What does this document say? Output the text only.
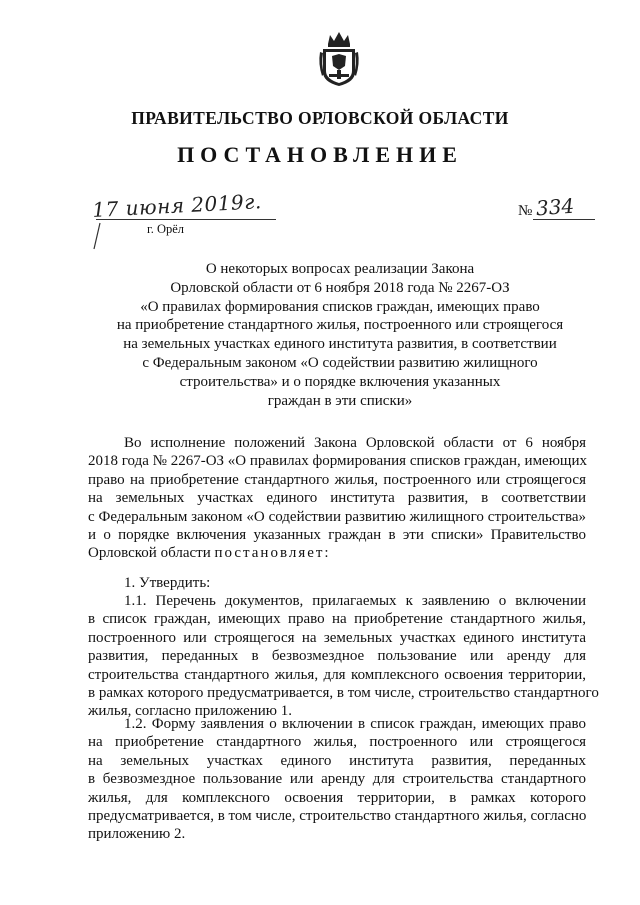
ПРАВИТЕЛЬСТВО ОРЛОВСКОЙ ОБЛАСТИ
ПОСТАНОВЛЕНИЕ
17 июня 2019г.
г. Орёл
№ 334
О некоторых вопросах реализации Закона
Орловской области от 6 ноября 2018 года № 2267-ОЗ
«О правилах формирования списков граждан, имеющих право
на приобретение стандартного жилья, построенного или строящегося
на земельных участках единого института развития, в соответствии
с Федеральным законом «О содействии развитию жилищного
строительства» и о порядке включения указанных
граждан в эти списки»
Во исполнение положений Закона Орловской области от 6 ноября
2018 года № 2267-ОЗ «О правилах формирования списков граждан, имеющих
право на приобретение стандартного жилья, построенного или строящегося
на земельных участках единого института развития, в соответствии
с Федеральным законом «О содействии развитию жилищного строительства»
и о порядке включения указанных граждан в эти списки» Правительство
Орловской области постановляет:
1. Утвердить:
1.1. Перечень документов, прилагаемых к заявлению о включении
в список граждан, имеющих право на приобретение стандартного жилья,
построенного или строящегося на земельных участках единого института
развития, переданных в безвозмездное пользование или аренду для
строительства стандартного жилья, для комплексного освоения территории,
в рамках которого предусматривается, в том числе, строительство стандартного
жилья, согласно приложению 1.
1.2. Форму заявления о включении в список граждан, имеющих право
на приобретение стандартного жилья, построенного или строящегося
на земельных участках единого института развития, переданных
в безвозмездное пользование или аренду для строительства стандартного
жилья, для комплексного освоения территории, в рамках которого
предусматривается, в том числе, строительство стандартного жилья, согласно
приложению 2.
